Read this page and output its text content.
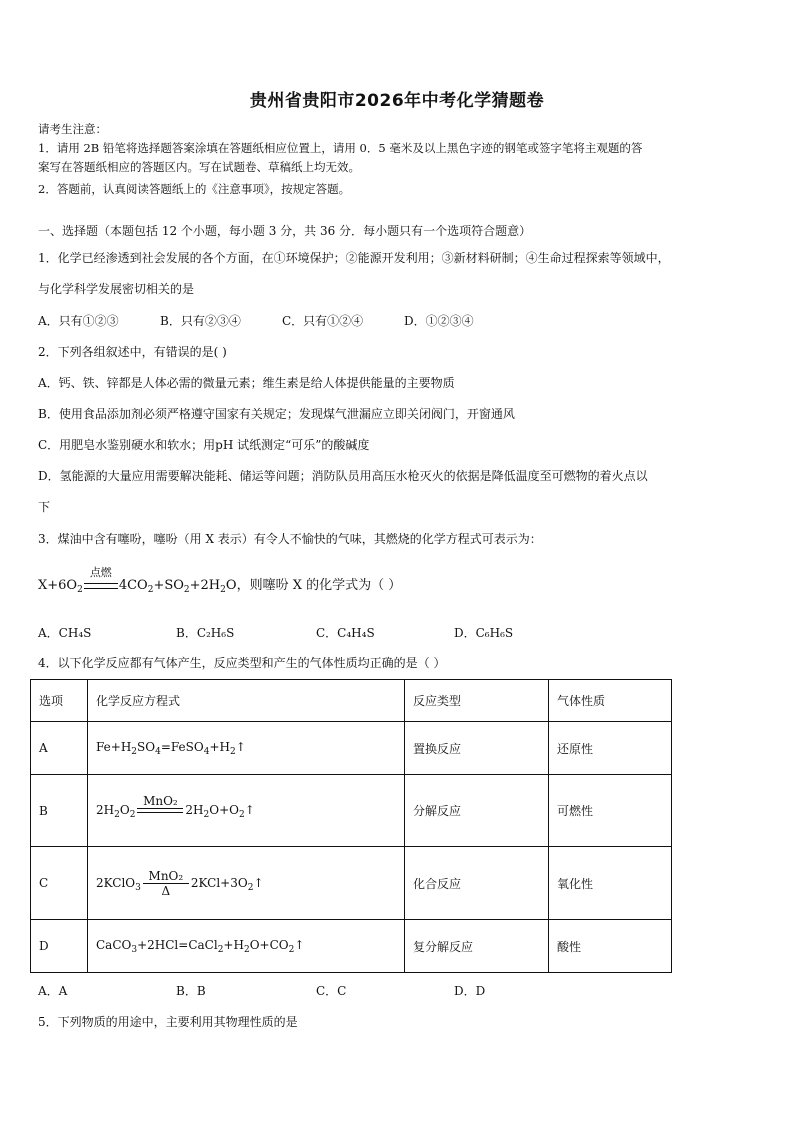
贵州省贵阳市2026年中考化学猜题卷
请考生注意：
1．请用 2B 铅笔将选择题答案涂填在答题纸相应位置上，请用 0．5 毫米及以上黑色字迹的钢笔或签字笔将主观题的答
案写在答题纸相应的答题区内。写在试题卷、草稿纸上均无效。
2．答题前，认真阅读答题纸上的《注意事项》，按规定答题。
一、选择题（本题包括 12 个小题，每小题 3 分，共 36 分．每小题只有一个选项符合题意）
1．化学已经渗透到社会发展的各个方面，在①环境保护；②能源开发利用；③新材料研制；④生命过程探索等领域中，
与化学科学发展密切相关的是
A．只有①②③	B．只有②③④	C．只有①②④	D．①②③④
2．下列各组叙述中，有错误的是( )
A．钙、铁、锌都是人体必需的微量元素；维生素是给人体提供能量的主要物质
B．使用食品添加剂必须严格遵守国家有关规定；发现煤气泄漏应立即关闭阀门，开窗通风
C．用肥皂水鉴别硬水和软水；用pH 试纸测定“可乐”的酸碱度
D．氢能源的大量应用需要解决能耗、储运等问题；消防队员用高压水枪灭火的依据是降低温度至可燃物的着火点以
下
3．煤油中含有噻吩，噻吩（用 X 表示）有令人不愉快的气味，其燃烧的化学方程式可表示为：
$X+6O_2$
点燃
$4CO_2+SO_2+2H_2O$，则噻吩 X 的化学式为（ ）
A．CH₄S	B．C₂H₆S	C．C₄H₄S	D．C₆H₆S
4．以下化学反应都有气体产生，反应类型和产生的气体性质均正确的是（ ）
选项	化学反应方程式	反应类型	气体性质
A	$Fe+H_2SO_4=FeSO_4+H_2↑$	置换反应	还原性
B	$2H_2O_2$
MnO₂

$2H_2O+O_2↑$	分解反应	可燃性
C	2KClO$_3$
MnO₂
Δ
$2KCl+3O_2↑$	化合反应	氧化性
D	$CaCO_3+2HCl=CaCl_2+H_2O+CO_2↑$	复分解反应	酸性
A．A	B．B	C．C	D．D
5．下列物质的用途中，主要利用其物理性质的是
